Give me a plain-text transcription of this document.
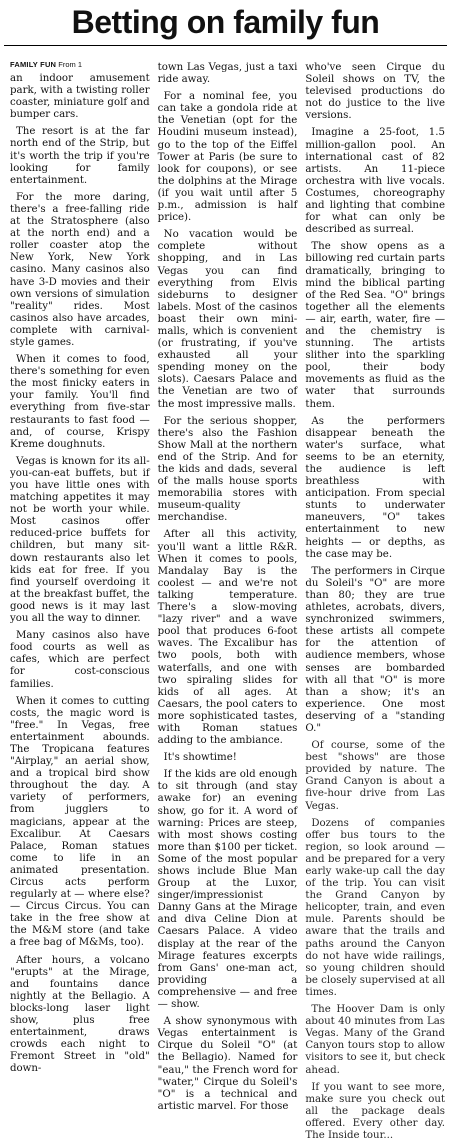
Betting on family fun
FAMILY FUN From 1

an indoor amusement park, with a twisting roller coaster, miniature golf and bumper cars.

The resort is at the far north end of the Strip, but it's worth the trip if you're looking for family entertainment.

For the more daring, there's a free-falling ride at the Stratosphere (also at the north end) and a roller coaster atop the New York, New York casino. Many casinos also have 3-D movies and their own versions of simulation "reality" rides. Most casinos also have arcades, complete with carnival-style games.

When it comes to food, there's something for even the most finicky eaters in your family. You'll find everything from five-star restaurants to fast food — and, of course, Krispy Kreme doughnuts.

Vegas is known for its all-you-can-eat buffets, but if you have little ones with matching appetites it may not be worth your while. Most casinos offer reduced-price buffets for children, but many sit-down restaurants also let kids eat for free. If you find yourself overdoing it at the breakfast buffet, the good news is it may last you all the way to dinner.

Many casinos also have food courts as well as cafes, which are perfect for cost-conscious families.

When it comes to cutting costs, the magic word is "free." In Vegas, free entertainment abounds. The Tropicana features "Airplay," an aerial show, and a tropical bird show throughout the day. A variety of performers, from jugglers to magicians, appear at the Excalibur. At Caesars Palace, Roman statues come to life in an animated presentation. Circus acts perform regularly at — where else? — Circus Circus. You can take in the free show at the M&M store (and take a free bag of M&Ms, too).

After hours, a volcano "erupts" at the Mirage, and fountains dance nightly at the Bellagio. A blocks-long laser light show, plus free entertainment, draws crowds each night to Fremont Street in "old" down-

town Las Vegas, just a taxi ride away.

For a nominal fee, you can take a gondola ride at the Venetian (opt for the Houdini museum instead), go to the top of the Eiffel Tower at Paris (be sure to look for coupons), or see the dolphins at the Mirage (if you wait until after 5 p.m., admission is half price).

No vacation would be complete without shopping, and in Las Vegas you can find everything from Elvis sideburns to designer labels. Most of the casinos boast their own mini-malls, which is convenient (or frustrating, if you've exhausted all your spending money on the slots). Caesars Palace and the Venetian are two of the most impressive malls.

For the serious shopper, there's also the Fashion Show Mall at the northern end of the Strip. And for the kids and dads, several of the malls house sports memorabilia stores with museum-quality merchandise.

After all this activity, you'll want a little R&R. When it comes to pools, Mandalay Bay is the coolest — and we're not talking temperature. There's a slow-moving "lazy river" and a wave pool that produces 6-foot waves. The Excalibur has two pools, both with waterfalls, and one with two spiraling slides for kids of all ages. At Caesars, the pool caters to more sophisticated tastes, with Roman statues adding to the ambiance.

It's showtime!

If the kids are old enough to sit through (and stay awake for) an evening show, go for it. A word of warning: Prices are steep, with most shows costing more than $100 per ticket. Some of the most popular shows include Blue Man Group at the Luxor, singer/impressionist Danny Gans at the Mirage and diva Celine Dion at Caesars Palace. A video display at the rear of the Mirage features excerpts from Gans' one-man act, providing a comprehensive — and free — show.

A show synonymous with Vegas entertainment is Cirque du Soleil "O" (at the Bellagio). Named for "eau," the French word for "water," Cirque du Soleil's "O" is a technical and artistic marvel. For those

who've seen Cirque du Soleil shows on TV, the televised productions do not do justice to the live versions.

Imagine a 25-foot, 1.5 million-gallon pool. An international cast of 82 artists. An 11-piece orchestra with live vocals. Costumes, choreography and lighting that combine for what can only be described as surreal.

The show opens as a billowing red curtain parts dramatically, bringing to mind the biblical parting of the Red Sea. "O" brings together all the elements — air, earth, water, fire — and the chemistry is stunning. The artists slither into the sparkling pool, their body movements as fluid as the water that surrounds them.

As the performers disappear beneath the water's surface, what seems to be an eternity, the audience is left breathless with anticipation. From special stunts to underwater maneuvers, "O" takes entertainment to new heights — or depths, as the case may be.

The performers in Cirque du Soleil's "O" are more than 80; they are true athletes, acrobats, divers, synchronized swimmers, these artists all compete for the attention of audience members, whose senses are bombarded with all that "O" is more than a show; it's an experience. One most deserving of a "standing O."

Of course, some of the best "shows" are those provided by nature. The Grand Canyon is about a five-hour drive from Las Vegas.

Dozens of companies offer bus tours to the region, so look around — and be prepared for a very early wake-up call the day of the trip. You can visit the Grand Canyon by helicopter, train, and even mule. Parents should be aware that the trails and paths around the Canyon do not have wide railings, so young children should be closely supervised at all times.

The Hoover Dam is only about 40 minutes from Las Vegas. Many of the Grand Canyon tours stop to allow visitors to see it, but check ahead.

If you want to see more, make sure you check out all the package deals offered. Every other day. The Inside tour...
